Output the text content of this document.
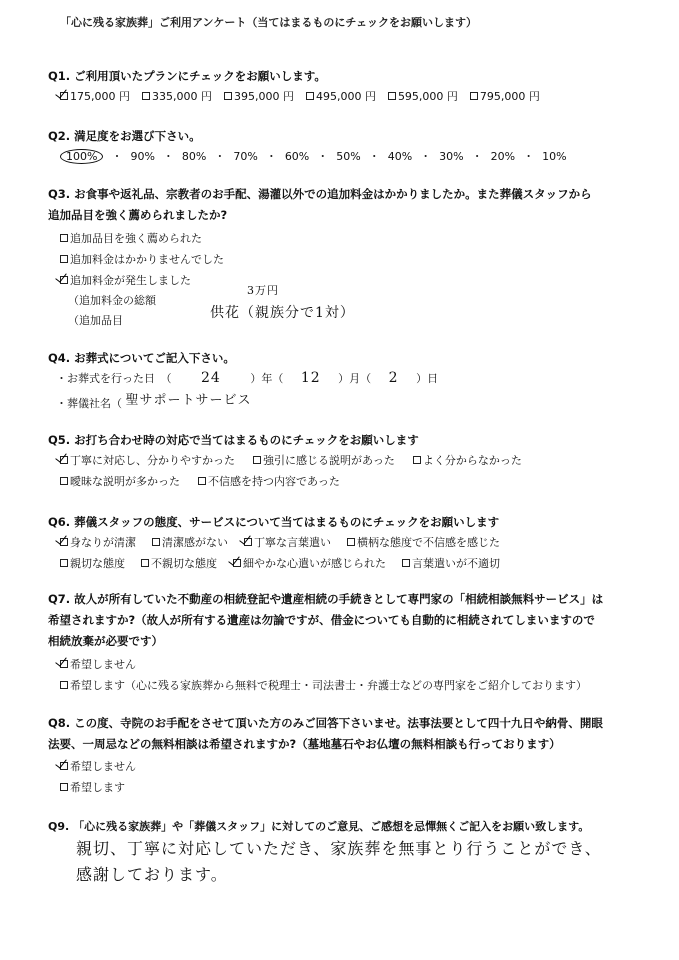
「心に残る家族葬」ご利用アンケート（当てはまるものにチェックをお願いします）
Q1. ご利用頂いたプランにチェックをお願いします。
175,000 円 335,000 円 395,000 円 495,000 円 595,000 円 795,000 円
Q2. 満足度をお選び下さい。
100% ・ 90% ・ 80% ・ 70% ・ 60% ・ 50% ・ 40% ・ 30% ・ 20% ・ 10%
Q3. お食事や返礼品、宗教者のお手配、湯灌以外での追加料金はかかりましたか。また葬儀スタッフから
追加品目を強く薦められましたか?
追加品目を強く薦められた
追加料金はかかりませんでした
追加料金が発生しました
（追加料金の総額
（追加品目
3万円
供花（親族分で1対）
Q4. お葬式についてご記入下さい。
・お葬式を行った日　（ 24	）年（ 12 ）月（ 2 ）日
・葬儀社名（ 聖サポートサービス
Q5. お打ち合わせ時の対応で当てはまるものにチェックをお願いします
丁寧に対応し、分かりやすかった	強引に感じる説明があった	よく分からなかった
曖昧な説明が多かった	不信感を持つ内容であった
Q6. 葬儀スタッフの態度、サービスについて当てはまるものにチェックをお願いします
身なりが清潔 清潔感がない 丁寧な言葉遣い 横柄な態度で不信感を感じた
親切な態度 不親切な態度 細やかな心遣いが感じられた 言葉遣いが不適切
Q7. 故人が所有していた不動産の相続登記や遺産相続の手続きとして専門家の「相続相談無料サービス」は
希望されますか?（故人が所有する遺産は勿論ですが、借金についても自動的に相続されてしまいますので
相続放棄が必要です）
希望しません
希望します（心に残る家族葬から無料で税理士・司法書士・弁護士などの専門家をご紹介しております）
Q8. この度、寺院のお手配をさせて頂いた方のみご回答下さいませ。法事法要として四十九日や納骨、開眼
法要、一周忌などの無料相談は希望されますか?（墓地墓石やお仏壇の無料相談も行っております）
希望しません
希望します
Q9. 「心に残る家族葬」や「葬儀スタッフ」に対してのご意見、ご感想を忌憚無くご記入をお願い致します。
親切、丁寧に対応していただき、家族葬を無事とり行うことができ、
感謝しております。
